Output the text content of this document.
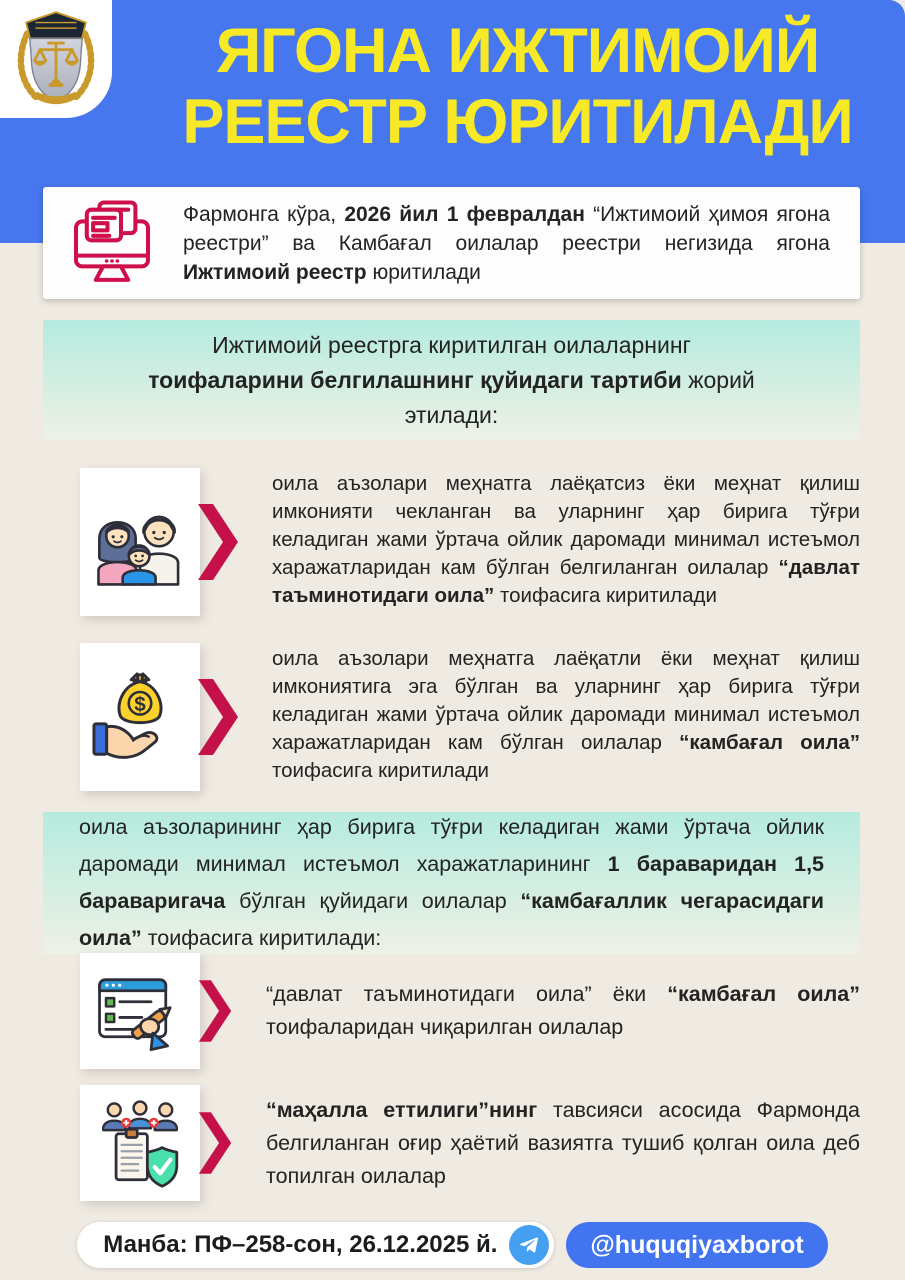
ЯГОНА ИЖТИМОИЙ
РЕЕСТР ЮРИТИЛАДИ

Фармонга кўра, 2026 йил 1 февралдан “Ижтимоий ҳимоя ягона реестри” ва Камбағал оилалар реестри негизида ягона Ижтимоий реестр юритилади

Ижтимоий реестрга киритилган оилаларнинг тоифаларини белгилашнинг қуйидаги тартиби жорий этилади:

оила аъзолари меҳнатга лаёқатсиз ёки меҳнат қилиш имконияти чекланган ва уларнинг ҳар бирига тўғри келадиган жами ўртача ойлик даромади минимал истеъмол харажатларидан кам бўлган белгиланган оилалар “давлат таъминотидаги оила” тоифасига киритилади

$

оила аъзолари меҳнатга лаёқатли ёки меҳнат қилиш имкониятига эга бўлган ва уларнинг ҳар бирига тўғри келадиган жами ўртача ойлик даромади минимал истеъмол харажатларидан кам бўлган оилалар “камбағал оила” тоифасига киритилади

оила аъзоларининг ҳар бирига тўғри келадиган жами ўртача ойлик даромади минимал истеъмол харажатларининг 1 бараваридан 1,5 бараваригача бўлган қуйидаги оилалар “камбағаллик чегарасидаги оила” тоифасига киритилади:

“давлат таъминотидаги оила” ёки “камбағал оила” тоифаларидан чиқарилган оилалар

“маҳалла еттилиги”нинг тавсияси асосида Фармонда белгиланган оғир ҳаётий вазиятга тушиб қолган оила деб топилган оилалар

Манба: ПФ–258-сон, 26.12.2025 й.	@huquqiyaxborot
